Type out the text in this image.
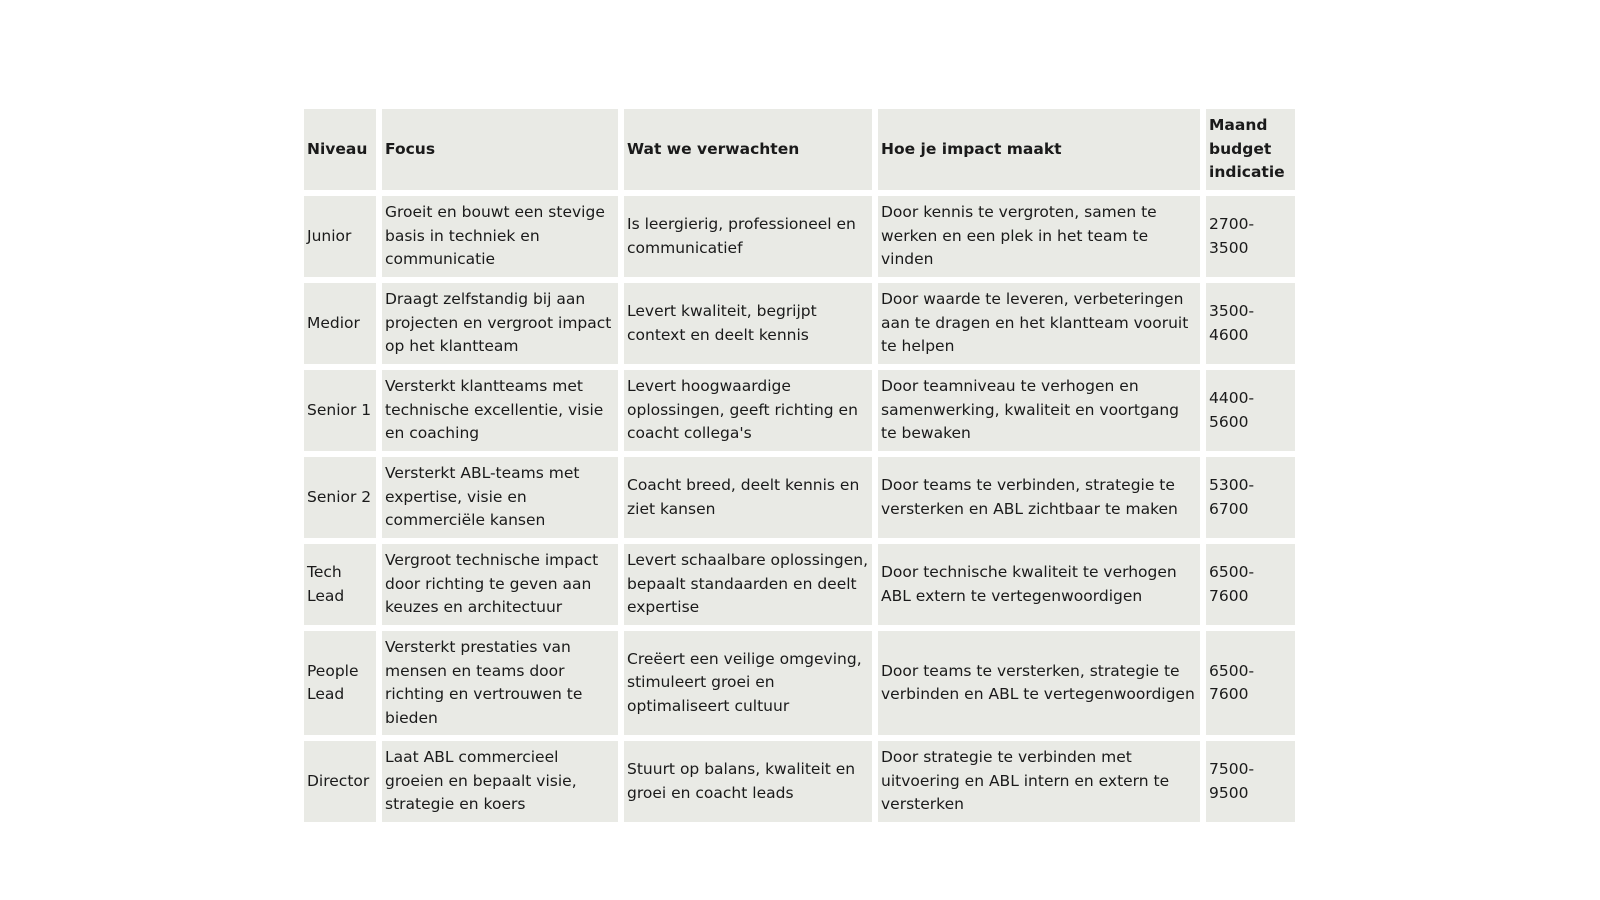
Niveau	Focus	Wat we verwachten	Hoe je impact maakt	Maand budget indicatie
Junior	Groeit en bouwt een stevige basis in techniek en communicatie	Is leergierig, professioneel en communicatief	Door kennis te vergroten, samen te werken en een plek in het team te vinden	2700-3500
Medior	Draagt zelfstandig bij aan projecten en vergroot impact op het klantteam	Levert kwaliteit, begrijpt context en deelt kennis	Door waarde te leveren, verbeteringen aan te dragen en het klantteam vooruit te helpen	3500-4600
Senior 1	Versterkt klantteams met technische excellentie, visie en coaching	Levert hoogwaardige oplossingen, geeft richting en coacht collega's	Door teamniveau te verhogen en samenwerking, kwaliteit en voortgang te bewaken	4400-5600
Senior 2	Versterkt ABL-teams met expertise, visie en commerciële kansen	Coacht breed, deelt kennis en ziet kansen	Door teams te verbinden, strategie te versterken en ABL zichtbaar te maken	5300-6700
Tech Lead	Vergroot technische impact door richting te geven aan keuzes en architectuur	Levert schaalbare oplossingen, bepaalt standaarden en deelt expertise	Door technische kwaliteit te verhogen ABL extern te vertegenwoordigen	6500-7600
People Lead	Versterkt prestaties van mensen en teams door richting en vertrouwen te bieden	Creëert een veilige omgeving, stimuleert groei en optimaliseert cultuur	Door teams te versterken, strategie te verbinden en ABL te vertegenwoordigen	6500-7600
Director	Laat ABL commercieel groeien en bepaalt visie, strategie en koers	Stuurt op balans, kwaliteit en groei en coacht leads	Door strategie te verbinden met uitvoering en ABL intern en extern te versterken	7500-9500
